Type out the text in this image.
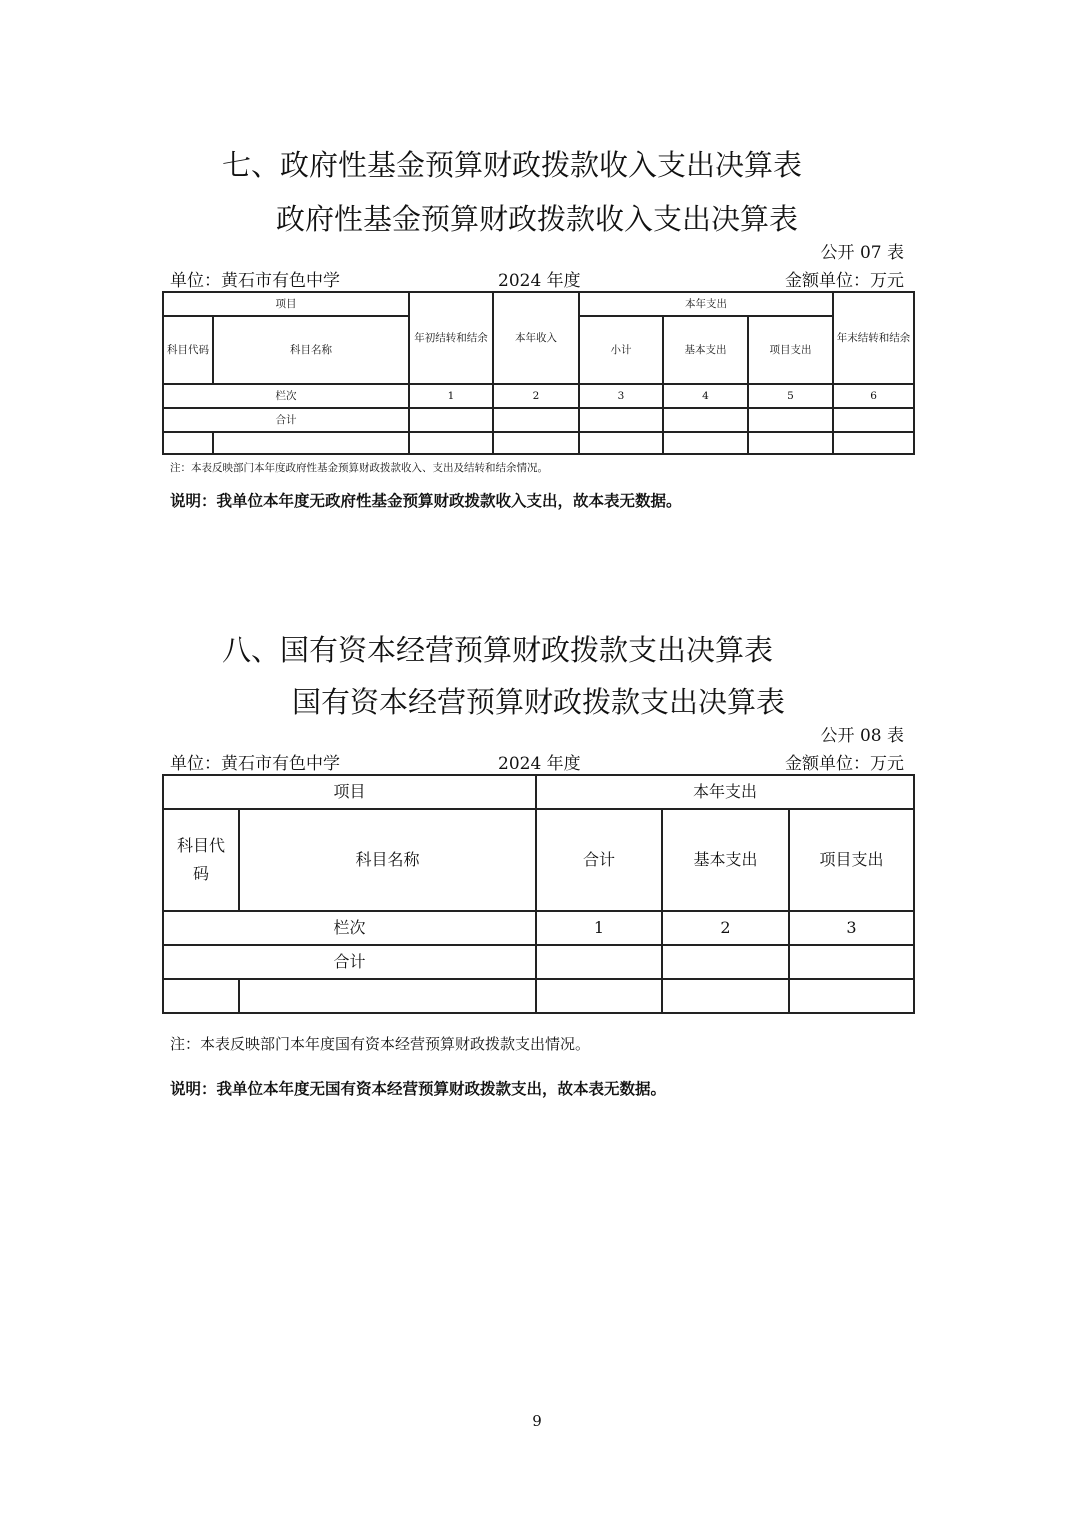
七、政府性基金预算财政拨款收入支出决算表
政府性基金预算财政拨款收入支出决算表
公开 07 表
单位：黄石市有色中学	2024 年度	金额单位：万元
项目		年初结转和结余	本年收入	本年支出			年末结转和结余
科目代码	科目名称			小计	基本支出	项目支出	
栏次		1	2	3	4	5	6
合计							

注：本表反映部门本年度政府性基金预算财政拨款收入、支出及结转和结余情况。
说明：我单位本年度无政府性基金预算财政拨款收入支出，故本表无数据。
八、国有资本经营预算财政拨款支出决算表
国有资本经营预算财政拨款支出决算表
公开 08 表
单位：黄石市有色中学	2024 年度	金额单位：万元
项目		本年支出		
科目代码	科目名称	合计	基本支出	项目支出
栏次		1	2	3
合计				

注：本表反映部门本年度国有资本经营预算财政拨款支出情况。
说明：我单位本年度无国有资本经营预算财政拨款支出，故本表无数据。
9
